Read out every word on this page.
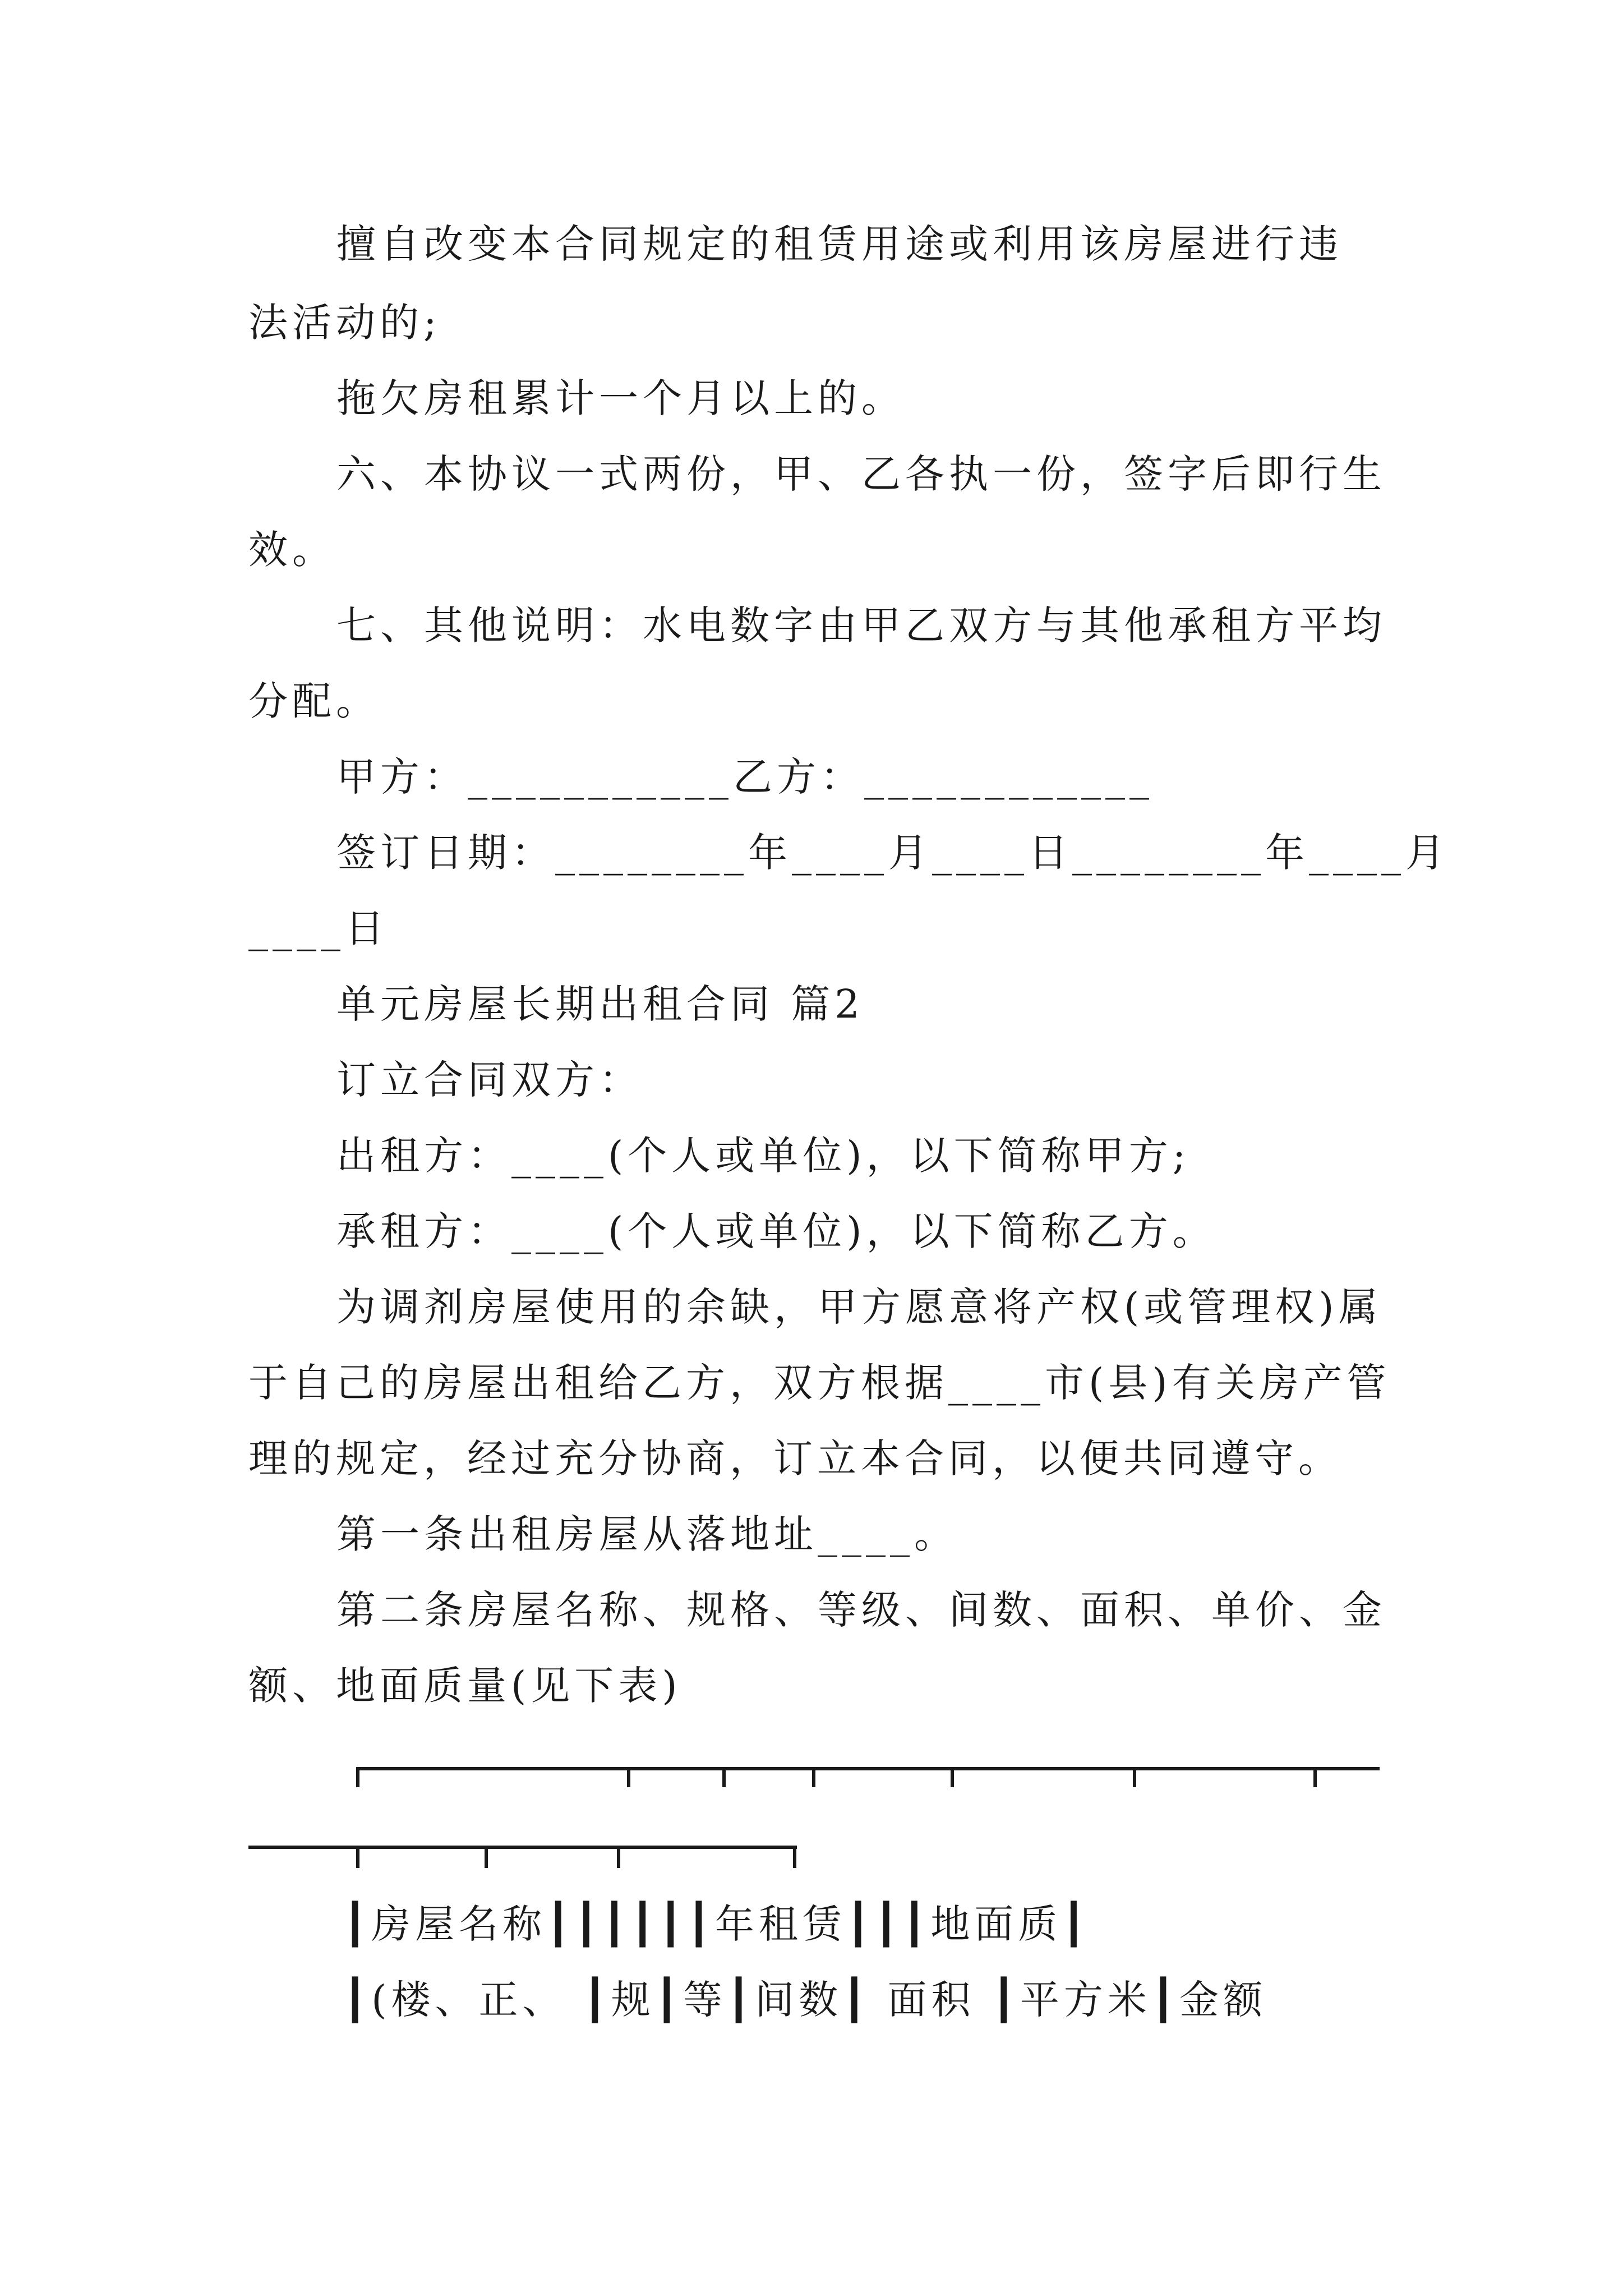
擅自改变本合同规定的租赁用途或利用该房屋进行违
法活动的;
拖欠房租累计一个月以上的。
六、本协议一式两份，甲、乙各执一份，签字后即行生
效。
七、其他说明：水电数字由甲乙双方与其他承租方平均
分配。
甲方：___________乙方：____________
签订日期：________年____月____日________年____月
____日
单元房屋长期出租合同 篇2
订立合同双方：
出租方：____(个人或单位)，以下简称甲方;
承租方：____(个人或单位)，以下简称乙方。
为调剂房屋使用的余缺，甲方愿意将产权(或管理权)属
于自己的房屋出租给乙方，双方根据____市(县)有关房产管
理的规定，经过充分协商，订立本合同，以便共同遵守。
第一条出租房屋从落地址____。
第二条房屋名称、规格、等级、间数、面积、单价、金
额、地面质量(见下表)
┃房屋名称┃┃┃┃┃┃年租赁┃┃┃地面质┃
┃(楼、正、 ┃规┃等┃间数┃ 面积 ┃平方米┃金额
